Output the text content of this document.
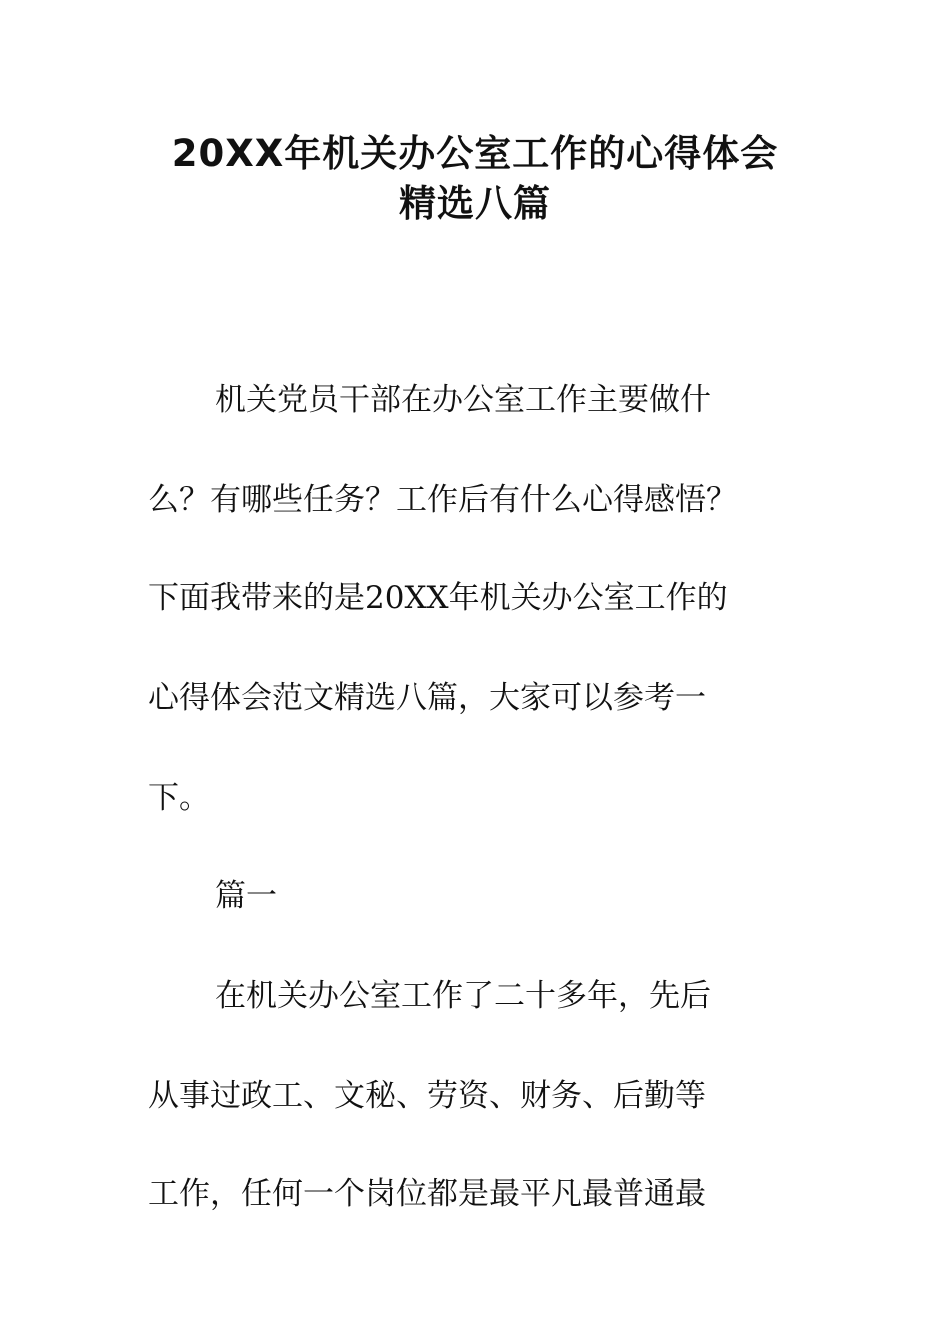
20XX年机关办公室工作的心得体会
精选八篇
机关党员干部在办公室工作主要做什
么？有哪些任务？工作后有什么心得感悟？
下面我带来的是20XX年机关办公室工作的
心得体会范文精选八篇，大家可以参考一
下。
篇一
在机关办公室工作了二十多年，先后
从事过政工、文秘、劳资、财务、后勤等
工作，任何一个岗位都是最平凡最普通最
